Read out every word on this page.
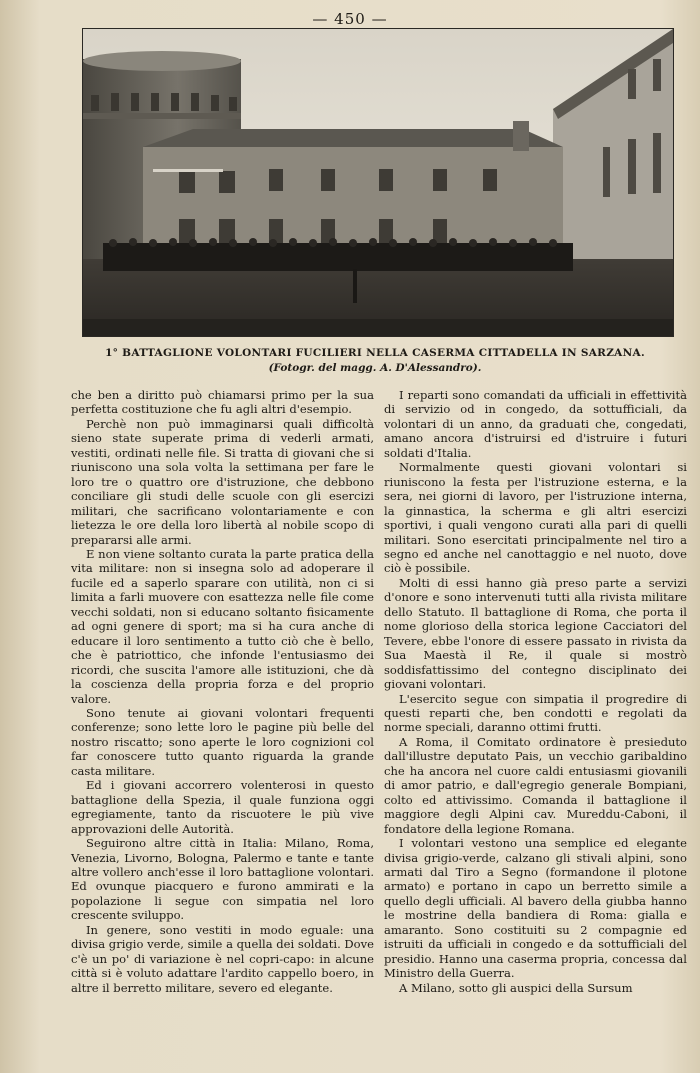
— 450 —
1° BATTAGLIONE VOLONTARI FUCILIERI NELLA CASERMA CITTADELLA IN SARZANA.
(Fotogr. del magg. A. D'Alessandro).

che ben a diritto può chiamarsi primo per la sua perfetta costituzione che fu agli altri d'esempio.

Perchè non può immaginarsi quali difficoltà sieno state superate prima di vederli armati, vestiti, ordinati nelle file. Si tratta di giovani che si riuniscono una sola volta la settimana per fare le loro tre o quattro ore d'istruzione, che debbono conciliare gli studi delle scuole con gli esercizi militari, che sacrificano volontariamente e con lietezza le ore della loro libertà al nobile scopo di prepararsi alle armi.

E non viene soltanto curata la parte pratica della vita militare: non si insegna solo ad adoperare il fucile ed a saperlo sparare con utilità, non ci si limita a farli muovere con esattezza nelle file come vecchi soldati, non si educano soltanto fisicamente ad ogni genere di sport; ma si ha cura anche di educare il loro sentimento a tutto ciò che è bello, che è patriottico, che infonde l'entusiasmo dei ricordi, che suscita l'amore alle istituzioni, che dà la coscienza della propria forza e del proprio valore.

Sono tenute ai giovani volontari frequenti conferenze; sono lette loro le pagine più belle del nostro riscatto; sono aperte le loro cognizioni col far conoscere tutto quanto riguarda la grande casta militare.

Ed i giovani accorrero volenterosi in questo battaglione della Spezia, il quale funziona oggi egregiamente, tanto da riscuotere le più vive approvazioni delle Autorità.

Seguirono altre città in Italia: Milano, Roma, Venezia, Livorno, Bologna, Palermo e tante e tante altre vollero anch'esse il loro battaglione volontari. Ed ovunque piacquero e furono ammirati e la popolazione li segue con simpatia nel loro crescente sviluppo.

In genere, sono vestiti in modo eguale: una divisa grigio verde, simile a quella dei soldati. Dove c'è un po' di variazione è nel copri-capo: in alcune città si è voluto adattare l'ardito cappello boero, in altre il berretto militare, severo ed elegante.

I reparti sono comandati da ufficiali in effettività di servizio od in congedo, da sottufficiali, da volontari di un anno, da graduati che, congedati, amano ancora d'istruirsi ed d'istruire i futuri soldati d'Italia.

Normalmente questi giovani volontari si riuniscono la festa per l'istruzione esterna, e la sera, nei giorni di lavoro, per l'istruzione interna, la ginnastica, la scherma e gli altri esercizi sportivi, i quali vengono curati alla pari di quelli militari. Sono esercitati principalmente nel tiro a segno ed anche nel canottaggio e nel nuoto, dove ciò è possibile.

Molti di essi hanno già preso parte a servizi d'onore e sono intervenuti tutti alla rivista militare dello Statuto. Il battaglione di Roma, che porta il nome glorioso della storica legione Cacciatori del Tevere, ebbe l'onore di essere passato in rivista da Sua Maestà il Re, il quale si mostrò soddisfattissimo del contegno disciplinato dei giovani volontari.

L'esercito segue con simpatia il progredire di questi reparti che, ben condotti e regolati da norme speciali, daranno ottimi frutti.

A Roma, il Comitato ordinatore è presieduto dall'illustre deputato Pais, un vecchio garibaldino che ha ancora nel cuore caldi entusiasmi giovanili di amor patrio, e dall'egregio generale Bompiani, colto ed attivissimo. Comanda il battaglione il maggiore degli Alpini cav. Mureddu-Caboni, il fondatore della legione Romana.

I volontari vestono una semplice ed elegante divisa grigio-verde, calzano gli stivali alpini, sono armati dal Tiro a Segno (formandone il plotone armato) e portano in capo un berretto simile a quello degli ufficiali. Al bavero della giubba hanno le mostrine della bandiera di Roma: gialla e amaranto. Sono costituiti su 2 compagnie ed istruiti da ufficiali in congedo e da sottufficiali del presidio. Hanno una caserma propria, concessa dal Ministro della Guerra.

A Milano, sotto gli auspici della Sursum
